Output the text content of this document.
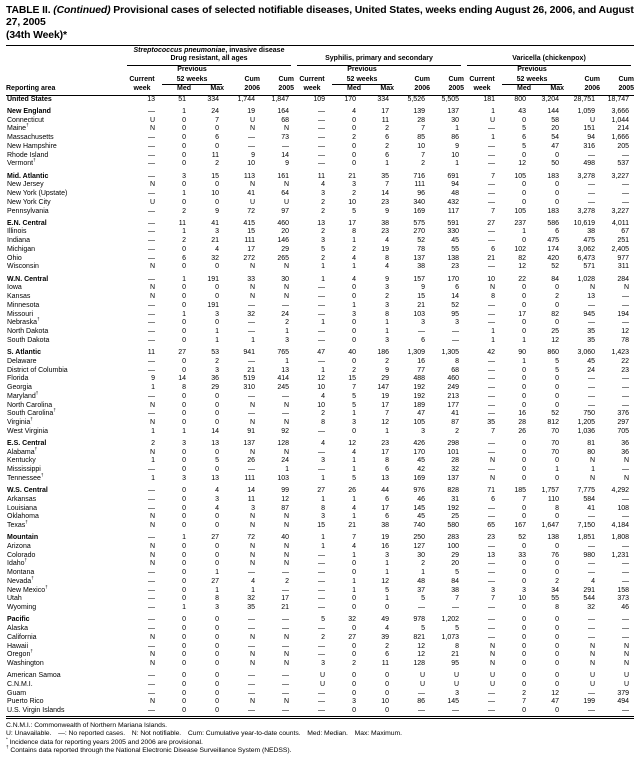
TABLE II. (Continued) Provisional cases of selected notifiable diseases, United States, weeks ending August 26, 2006, and August 27, 2005
(34th Week)*

	Streptococcus pneumoniae, invasive disease
Drug resistant, all ages					Syphilis, primary and secondary					Varicella (chickenpox)				

		Previous					Previous					Previous			
	Current	52 weeks		Cum	Cum	Current	52 weeks		Cum	Cum	Current	52 weeks		Cum	Cum
Reporting area	week	Med	Max	2006	2005	week	Med	Max	2006	2005	week	Med	Max	2006	2005
United States	13	51	334	1,744	1,847	109	170	334	5,526	5,505	181	800	3,204	28,751	18,747

New England	—	1	24	19	164	—	4	17	139	137	1	43	144	1,059	3,666
Connecticut	U	0	7	U	68	—	0	11	28	30	U	0	58	U	1,044
Maine†	N	0	0	N	N	—	0	2	7	1	—	5	20	151	214
Massachusetts	—	0	6	—	73	—	2	6	85	86	1	6	54	94	1,666
New Hampshire	—	0	0	—	—	—	0	2	10	9	—	5	47	316	205
Rhode Island	—	0	11	9	14	—	0	6	7	10	—	0	0	—	—
Vermont†	—	0	2	10	9	—	0	1	2	1	—	12	50	498	537

Mid. Atlantic	—	3	15	113	161	11	21	35	716	691	7	105	183	3,278	3,227
New Jersey	N	0	0	N	N	4	3	7	111	94	—	0	0	—	—
New York (Upstate)	—	1	10	41	64	3	2	14	96	48	—	0	0	—	—
New York City	U	0	0	U	U	2	10	23	340	432	—	0	0	—	—
Pennsylvania	—	2	9	72	97	2	5	9	169	117	7	105	183	3,278	3,227

E.N. Central	—	11	41	415	460	13	17	38	575	591	27	237	586	10,619	4,011
Illinois	—	1	3	15	20	2	8	23	270	330	—	1	6	38	67
Indiana	—	2	21	111	146	3	1	4	52	45	—	0	475	475	251
Michigan	—	0	4	17	29	5	2	19	78	55	6	102	174	3,062	2,405
Ohio	—	6	32	272	265	2	4	8	137	138	21	82	420	6,473	977
Wisconsin	N	0	0	N	N	1	1	4	38	23	—	12	52	571	311

W.N. Central	—	1	191	33	30	1	4	9	157	170	10	22	84	1,028	284
Iowa	N	0	0	N	N	—	0	3	9	6	N	0	0	N	N
Kansas	N	0	0	N	N	—	0	2	15	14	8	0	2	13	—
Minnesota	—	0	191	—	—	—	1	3	21	52	—	0	0	—	—
Missouri	—	1	3	32	24	—	3	8	103	95	—	17	82	945	194
Nebraska†	—	0	0	—	2	1	0	1	3	3	—	0	0	—	—
North Dakota	—	0	1	—	1	—	0	1	—	—	1	0	25	35	12
South Dakota	—	0	1	1	3	—	0	3	6	—	1	1	12	35	78

S. Atlantic	11	27	53	941	765	47	40	186	1,309	1,305	42	90	860	3,060	1,423
Delaware	—	0	2	—	1	—	0	2	16	8	—	1	5	45	22
District of Columbia	—	0	3	21	13	1	2	9	77	68	—	0	5	24	23
Florida	9	14	36	519	414	12	15	29	488	460	—	0	0	—	—
Georgia	1	8	29	310	245	10	7	147	192	249	—	0	0	—	—
Maryland†	—	0	0	—	—	4	5	19	192	213	—	0	0	—	—
North Carolina	N	0	0	N	N	10	5	17	189	177	—	0	0	—	—
South Carolina†	—	0	0	—	—	2	1	7	47	41	—	16	52	750	376
Virginia†	N	0	0	N	N	8	3	12	105	87	35	28	812	1,205	297
West Virginia	1	1	14	91	92	—	0	1	3	2	7	26	70	1,036	705

E.S. Central	2	3	13	137	128	4	12	23	426	298	—	0	70	81	36
Alabama†	N	0	0	N	N	—	4	17	170	101	—	0	70	80	36
Kentucky	1	0	5	26	24	3	1	8	45	28	N	0	0	N	N
Mississippi	—	0	0	—	1	—	1	6	42	32	—	0	1	1	—
Tennessee†	1	3	13	111	103	1	5	13	169	137	N	0	0	N	N

W.S. Central	—	0	4	14	99	27	26	44	976	828	71	185	1,757	7,775	4,292
Arkansas	—	0	3	11	12	1	1	6	46	31	6	7	110	584	—
Louisiana	—	0	4	3	87	8	4	17	145	192	—	0	8	41	108
Oklahoma	N	0	0	N	N	3	1	6	45	25	—	0	0	—	—
Texas†	N	0	0	N	N	15	21	38	740	580	65	167	1,647	7,150	4,184

Mountain	—	1	27	72	40	1	7	19	250	283	23	52	138	1,851	1,808
Arizona	N	0	0	N	N	1	4	16	127	100	—	0	0	—	—
Colorado	N	0	0	N	N	—	1	3	30	29	13	33	76	980	1,231
Idaho†	N	0	0	N	N	—	0	1	2	20	—	0	0	—	—
Montana	—	0	1	—	—	—	0	1	1	5	—	0	0	—	—
Nevada†	—	0	27	4	2	—	1	12	48	84	—	0	2	4	—
New Mexico†	—	0	1	1	—	—	1	5	37	38	3	3	34	291	158
Utah	—	0	8	32	17	—	0	1	5	7	7	10	55	544	373
Wyoming	—	1	3	35	21	—	0	0	—	—	—	0	8	32	46

Pacific	—	0	0	—	—	5	32	49	978	1,202	—	0	0	—	—
Alaska	—	0	0	—	—	—	0	4	5	5	—	0	0	—	—
California	N	0	0	N	N	2	27	39	821	1,073	—	0	0	—	—
Hawaii	—	0	0	—	—	—	0	2	12	8	N	0	0	N	N
Oregon†	N	0	0	N	N	—	0	6	12	21	N	0	0	N	N
Washington	N	0	0	N	N	3	2	11	128	95	N	0	0	N	N

American Samoa	—	0	0	—	—	U	0	0	U	U	U	0	0	U	U
C.N.M.I.	—	0	0	—	—	U	0	0	U	U	U	0	0	U	U
Guam	—	0	0	—	—	—	0	0	—	3	—	2	12	—	379
Puerto Rico	N	0	0	N	N	—	3	10	86	145	—	7	47	199	494
U.S. Virgin Islands	—	0	0	—	—	—	0	0	—	—	—	0	0	—	—
C.N.M.I.: Commonwealth of Northern Mariana Islands.
U: Unavailable. —: No reported cases. N: Not notifiable. Cum: Cumulative year-to-date counts. Med: Median. Max: Maximum.
* Incidence data for reporting years 2005 and 2006 are provisional.
† Contains data reported through the National Electronic Disease Surveillance System (NEDSS).
